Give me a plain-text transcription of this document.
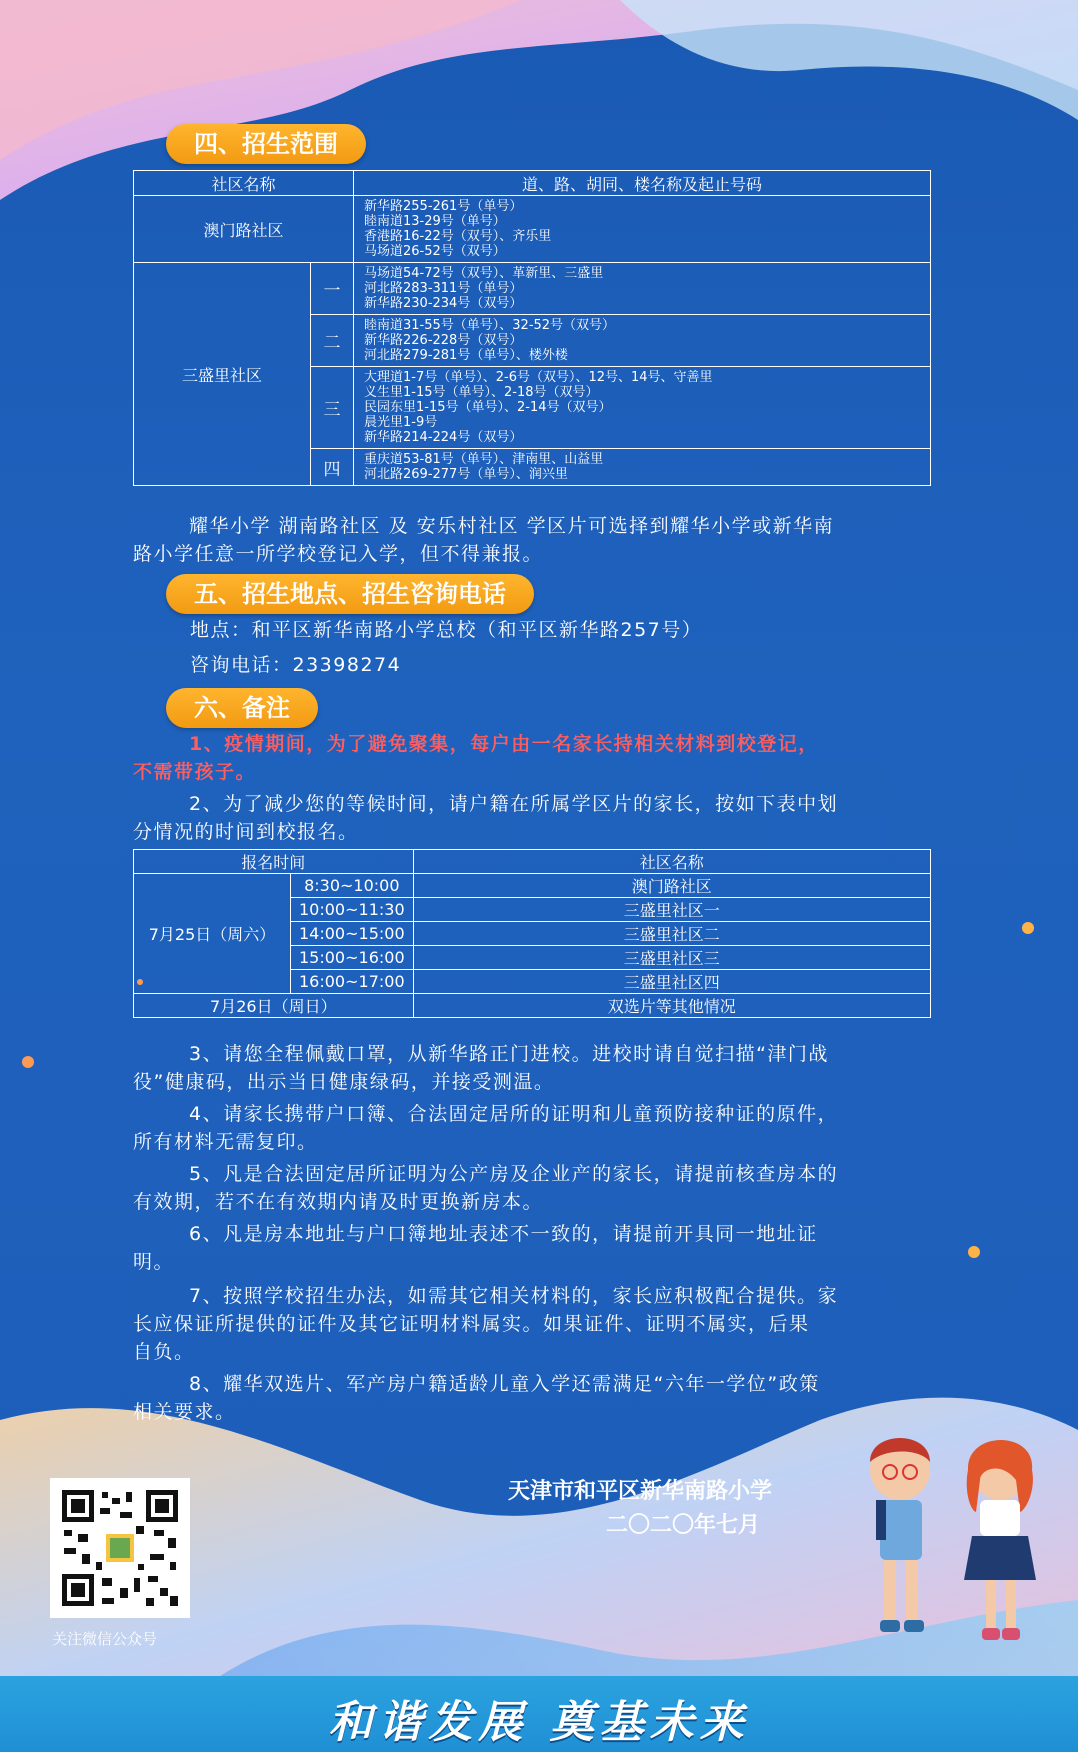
四、招生范围
社区名称		道、路、胡同、楼名称及起止号码
澳门路社区		新华路255-261号（单号）
睦南道13-29号（单号）
香港路16-22号（双号）、齐乐里
马场道26-52号（双号）

三盛里社区	一	马场道54-72号（双号）、革新里、三盛里
河北路283-311号（单号）
新华路230-234号（双号）

	二	睦南道31-55号（单号）、32-52号（双号）
新华路226-228号（双号）
河北路279-281号（单号）、楼外楼

	三	大理道1-7号（单号）、2-6号（双号）、12号、14号、守善里
义生里1-15号（单号）、2-18号（双号）
民园东里1-15号（单号）、2-14号（双号）
晨光里1-9号
新华路214-224号（双号）

	四	重庆道53-81号（单号）、津南里、山益里
河北路269-277号（单号）、润兴里
耀华小学 湖南路社区 及 安乐村社区 学区片可选择到耀华小学或新华南
路小学任意一所学校登记入学，但不得兼报。
五、招生地点、招生咨询电话
地点：和平区新华南路小学总校（和平区新华路257号）
咨询电话：23398274
六、备注
1、疫情期间，为了避免聚集，每户由一名家长持相关材料到校登记，
不需带孩子。
2、为了减少您的等候时间，请户籍在所属学区片的家长，按如下表中划
分情况的时间到校报名。
报名时间		社区名称
7月25日（周六）	8:30~10:00	澳门路社区
	10:00~11:30	三盛里社区一
	14:00~15:00	三盛里社区二
	15:00~16:00	三盛里社区三
	16:00~17:00	三盛里社区四
7月26日（周日）		双选片等其他情况
3、请您全程佩戴口罩，从新华路正门进校。进校时请自觉扫描“津门战
役”健康码，出示当日健康绿码，并接受测温。
4、请家长携带户口簿、合法固定居所的证明和儿童预防接种证的原件，
所有材料无需复印。
5、凡是合法固定居所证明为公产房及企业产的家长，请提前核查房本的
有效期，若不在有效期内请及时更换新房本。
6、凡是房本地址与户口簿地址表述不一致的，请提前开具同一地址证
明。
7、按照学校招生办法，如需其它相关材料的，家长应积极配合提供。家
长应保证所提供的证件及其它证明材料属实。如果证件、证明不属实，后果
自负。
8、耀华双选片、军产房户籍适龄儿童入学还需满足“六年一学位”政策
相关要求。
关注微信公众号
天津市和平区新华南路小学
二〇二〇年七月
和谐发展 奠基未来
